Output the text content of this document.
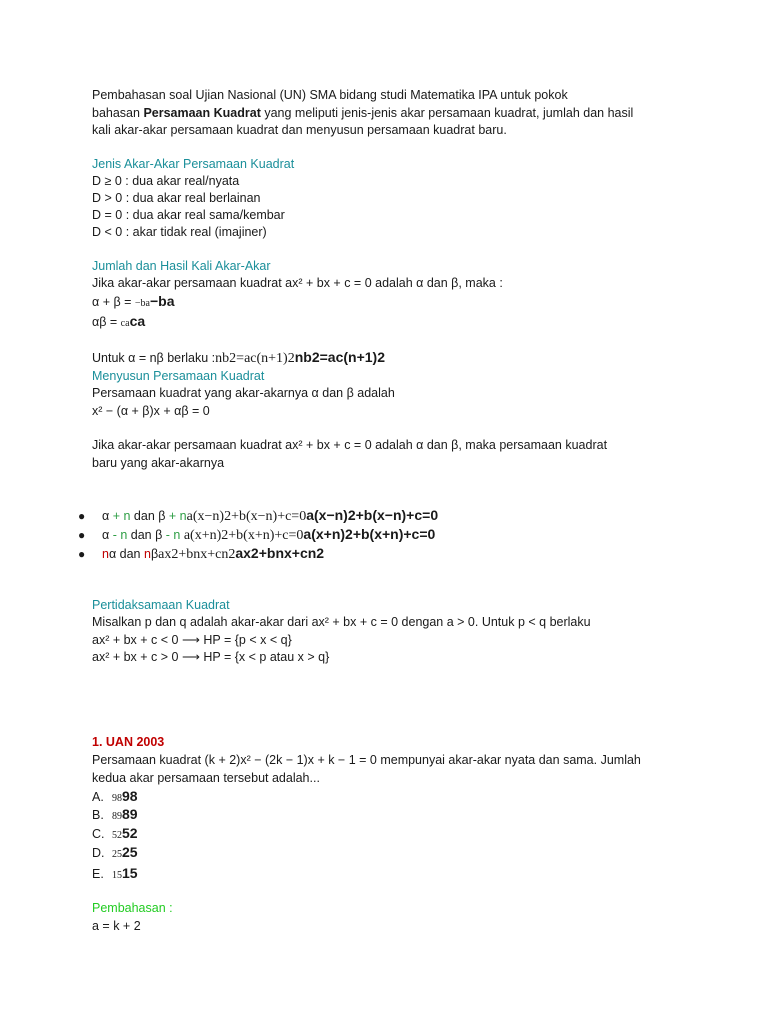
Pembahasan soal Ujian Nasional (UN) SMA bidang studi Matematika IPA untuk pokok
bahasan Persamaan Kuadrat yang meliputi jenis-jenis akar persamaan kuadrat, jumlah dan hasil
kali akar-akar persamaan kuadrat dan menyusun persamaan kuadrat baru.
Jenis Akar-Akar Persamaan Kuadrat
D ≥ 0 : dua akar real/nyata
D > 0 : dua akar real berlainan
D = 0 : dua akar real sama/kembar
D < 0 : akar tidak real (imajiner)
Jumlah dan Hasil Kali Akar-Akar
Jika akar-akar persamaan kuadrat ax² + bx + c = 0 adalah α dan β, maka :
α + β = −ba−ba
αβ = caca
Untuk α = nβ berlaku :nb2=ac(n+1)2nb2=ac(n+1)2
Menyusun Persamaan Kuadrat
Persamaan kuadrat yang akar-akarnya α dan β adalah
x² − (α + β)x + αβ = 0
Jika akar-akar persamaan kuadrat ax² + bx + c = 0 adalah α dan β, maka persamaan kuadrat
baru yang akar-akarnya
● α + n dan β + na(x−n)2+b(x−n)+c=0a(x−n)2+b(x−n)+c=0
● α - n dan β - n a(x+n)2+b(x+n)+c=0a(x+n)2+b(x+n)+c=0
● nα dan nβax2+bnx+cn2ax2+bnx+cn2
Pertidaksamaan Kuadrat
Misalkan p dan q adalah akar-akar dari ax² + bx + c = 0 dengan a > 0. Untuk p < q berlaku
ax² + bx + c < 0 ⟶ HP = {p < x < q}
ax² + bx + c > 0 ⟶ HP = {x < p atau x > q}
1. UAN 2003
Persamaan kuadrat (k + 2)x² − (2k − 1)x + k − 1 = 0 mempunyai akar-akar nyata dan sama. Jumlah
kedua akar persamaan tersebut adalah...
A. 9898
B. 8989
C. 5252
D. 2525
E. 1515
Pembahasan :
a = k + 2
